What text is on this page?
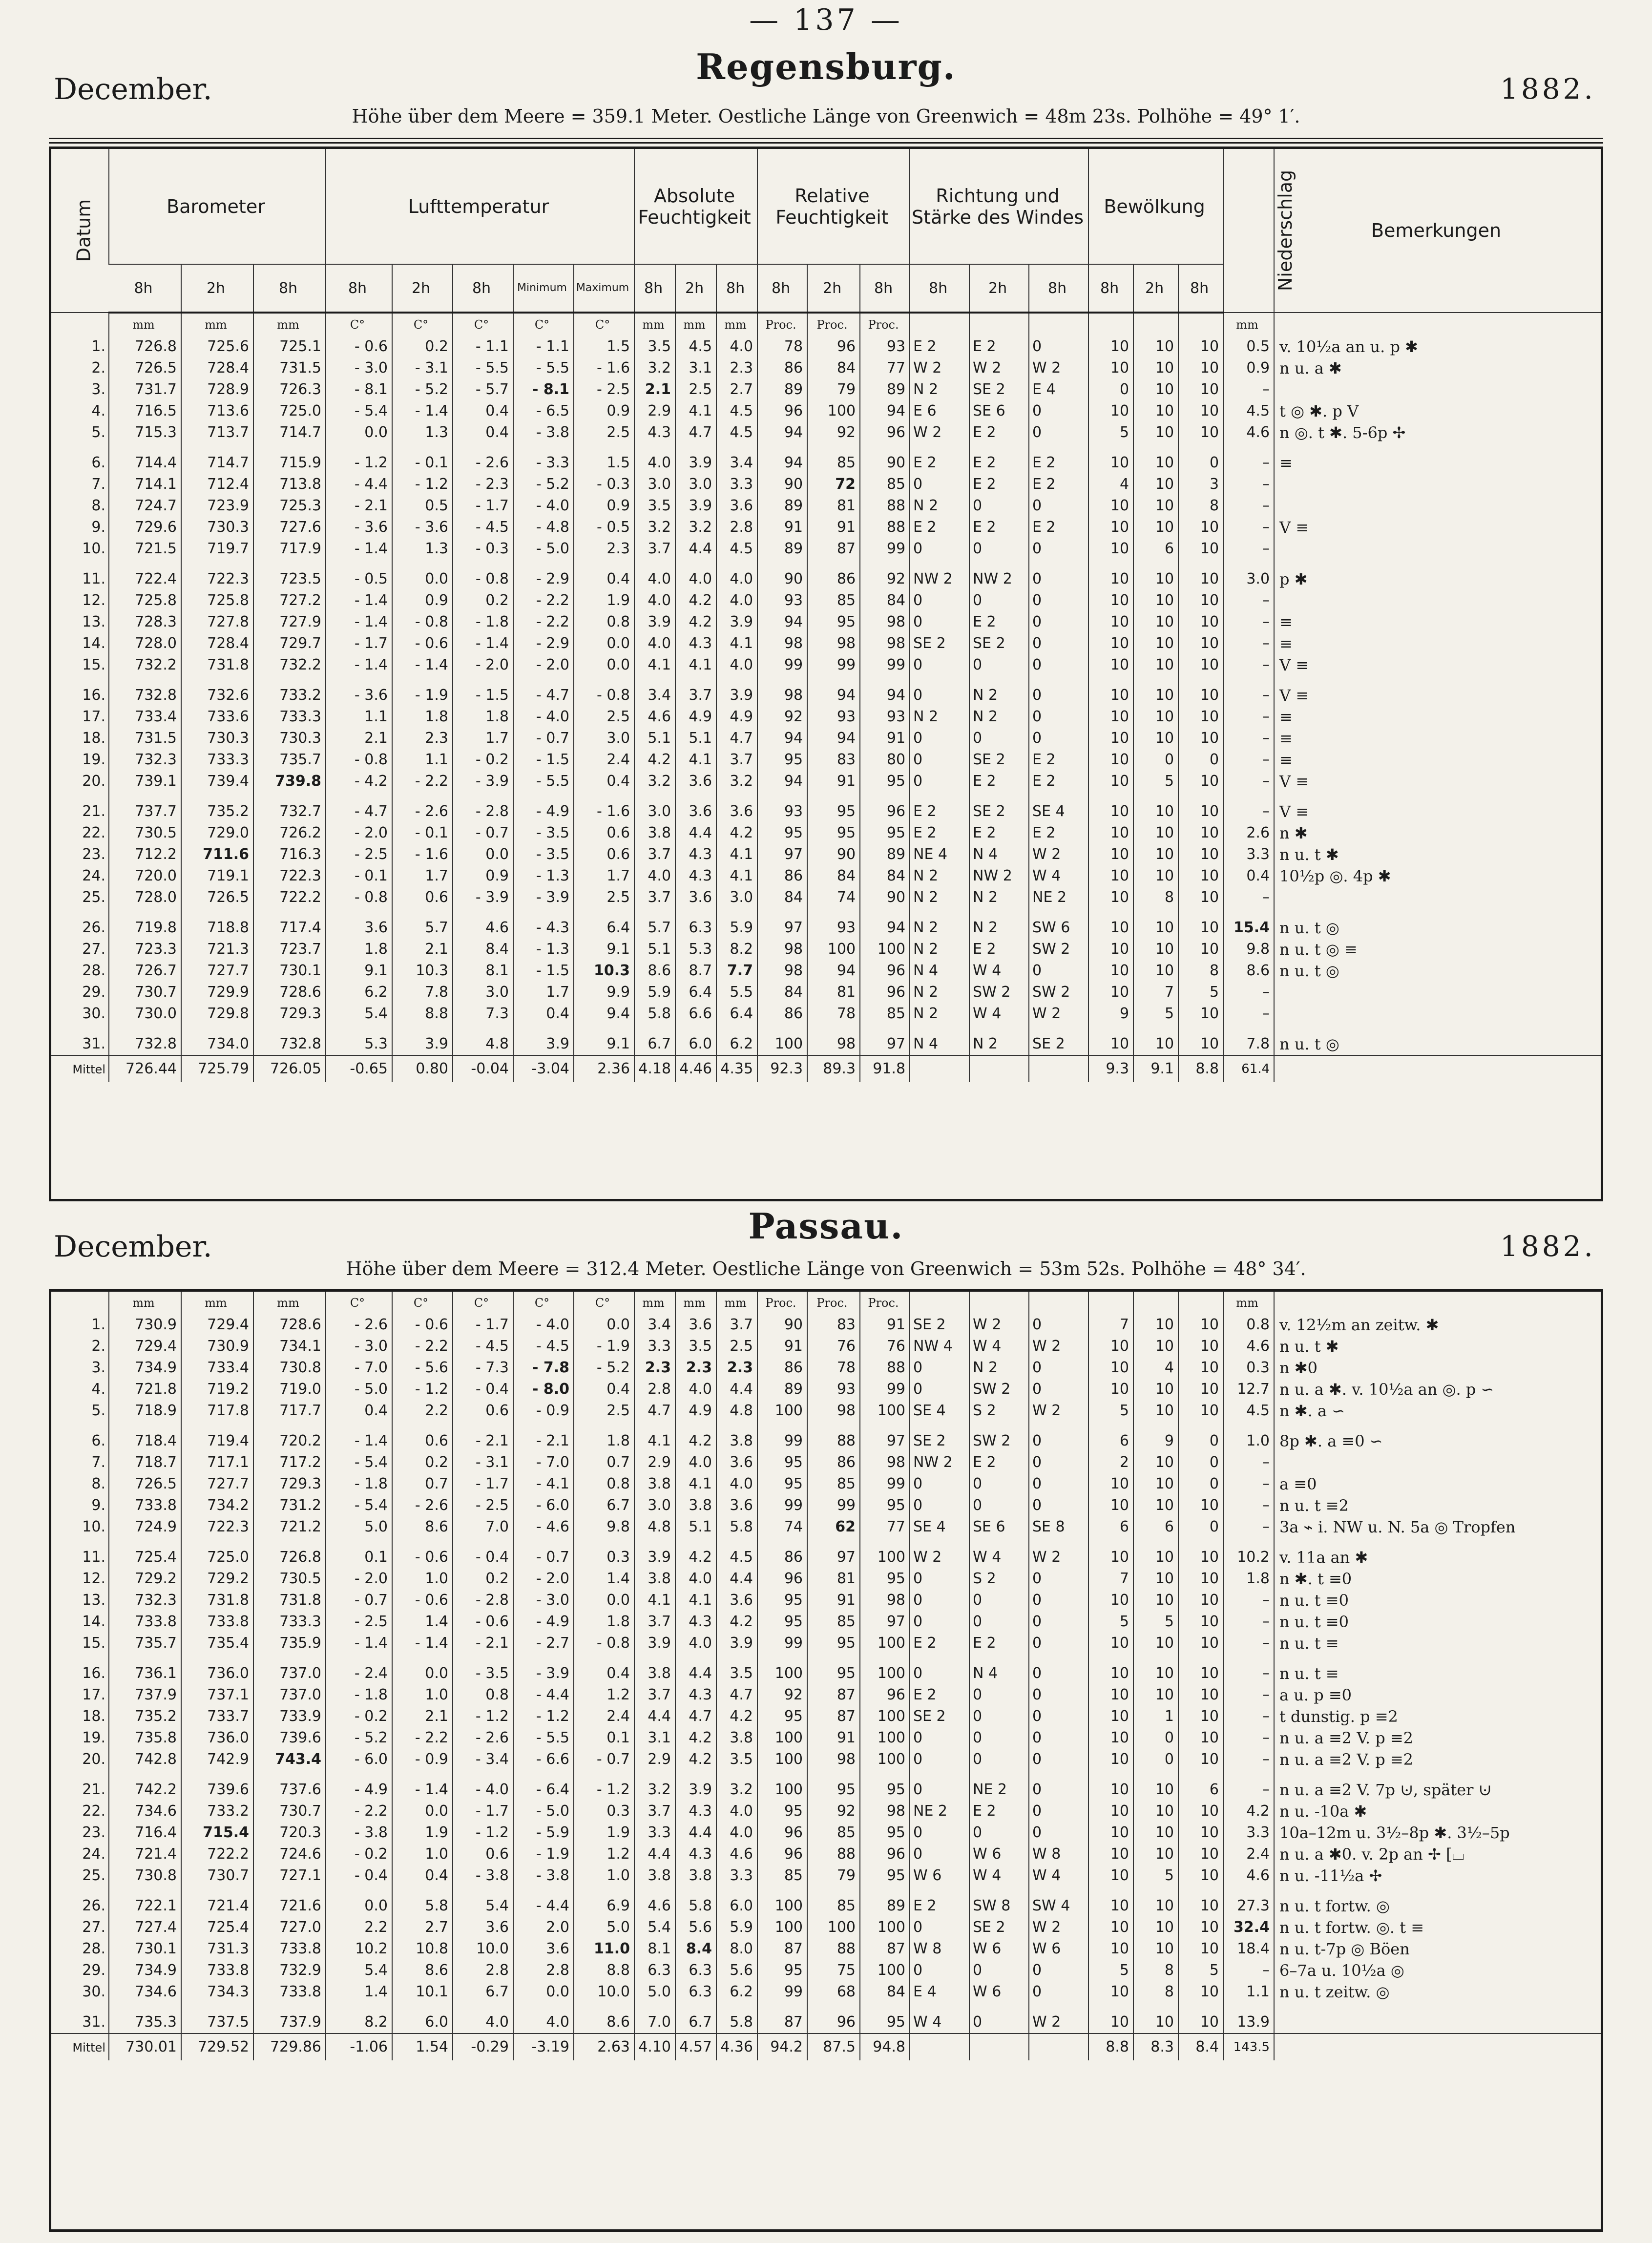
— 137 —
December.
Regensburg.
1882.
Höhe über dem Meere = 359.1 Meter. Oestliche Länge von Greenwich = 48m 23s. Polhöhe = 49° 1′.
Datum	Barometer			Lufttemperatur					Absolute Feuchtigkeit			Relative Feuchtigkeit			Richtung und Stärke des Windes			Bewölkung			Niederschlag	Bemerkungen
	8h	2h	8h	8h	2h	8h	Minimum	Maximum	8h	2h	8h	8h	2h	8h	8h	2h	8h	8h	2h	8h		
	mm	mm	mm	C°	C°	C°	C°	C°	mm	mm	mm	Proc.	Proc.	Proc.							mm	
1.	726.8	725.6	725.1	- 0.6	0.2	- 1.1	- 1.1	1.5	3.5	4.5	4.0	78	96	93	E 2	E 2	0	10	10	10	0.5	v. 10½a an u. p ✱
2.	726.5	728.4	731.5	- 3.0	- 3.1	- 5.5	- 5.5	- 1.6	3.2	3.1	2.3	86	84	77	W 2	W 2	W 2	10	10	10	0.9	n u. a ✱
3.	731.7	728.9	726.3	- 8.1	- 5.2	- 5.7	- 8.1	- 2.5	2.1	2.5	2.7	89	79	89	N 2	SE 2	E 4	0	10	10	–	
4.	716.5	713.6	725.0	- 5.4	- 1.4	0.4	- 6.5	0.9	2.9	4.1	4.5	96	100	94	E 6	SE 6	0	10	10	10	4.5	t ◎ ✱. p V
5.	715.3	713.7	714.7	0.0	1.3	0.4	- 3.8	2.5	4.3	4.7	4.5	94	92	96	W 2	E 2	0	5	10	10	4.6	n ◎. t ✱. 5-6p ✢
6.	714.4	714.7	715.9	- 1.2	- 0.1	- 2.6	- 3.3	1.5	4.0	3.9	3.4	94	85	90	E 2	E 2	E 2	10	10	0	–	≡
7.	714.1	712.4	713.8	- 4.4	- 1.2	- 2.3	- 5.2	- 0.3	3.0	3.0	3.3	90	72	85	0	E 2	E 2	4	10	3	–	
8.	724.7	723.9	725.3	- 2.1	0.5	- 1.7	- 4.0	0.9	3.5	3.9	3.6	89	81	88	N 2	0	0	10	10	8	–	
9.	729.6	730.3	727.6	- 3.6	- 3.6	- 4.5	- 4.8	- 0.5	3.2	3.2	2.8	91	91	88	E 2	E 2	E 2	10	10	10	–	V ≡
10.	721.5	719.7	717.9	- 1.4	1.3	- 0.3	- 5.0	2.3	3.7	4.4	4.5	89	87	99	0	0	0	10	6	10	–	
11.	722.4	722.3	723.5	- 0.5	0.0	- 0.8	- 2.9	0.4	4.0	4.0	4.0	90	86	92	NW 2	NW 2	0	10	10	10	3.0	p ✱
12.	725.8	725.8	727.2	- 1.4	0.9	0.2	- 2.2	1.9	4.0	4.2	4.0	93	85	84	0	0	0	10	10	10	–	
13.	728.3	727.8	727.9	- 1.4	- 0.8	- 1.8	- 2.2	0.8	3.9	4.2	3.9	94	95	98	0	E 2	0	10	10	10	–	≡
14.	728.0	728.4	729.7	- 1.7	- 0.6	- 1.4	- 2.9	0.0	4.0	4.3	4.1	98	98	98	SE 2	SE 2	0	10	10	10	–	≡
15.	732.2	731.8	732.2	- 1.4	- 1.4	- 2.0	- 2.0	0.0	4.1	4.1	4.0	99	99	99	0	0	0	10	10	10	–	V ≡
16.	732.8	732.6	733.2	- 3.6	- 1.9	- 1.5	- 4.7	- 0.8	3.4	3.7	3.9	98	94	94	0	N 2	0	10	10	10	–	V ≡
17.	733.4	733.6	733.3	1.1	1.8	1.8	- 4.0	2.5	4.6	4.9	4.9	92	93	93	N 2	N 2	0	10	10	10	–	≡
18.	731.5	730.3	730.3	2.1	2.3	1.7	- 0.7	3.0	5.1	5.1	4.7	94	94	91	0	0	0	10	10	10	–	≡
19.	732.3	733.3	735.7	- 0.8	1.1	- 0.2	- 1.5	2.4	4.2	4.1	3.7	95	83	80	0	SE 2	E 2	10	0	0	–	≡
20.	739.1	739.4	739.8	- 4.2	- 2.2	- 3.9	- 5.5	0.4	3.2	3.6	3.2	94	91	95	0	E 2	E 2	10	5	10	–	V ≡
21.	737.7	735.2	732.7	- 4.7	- 2.6	- 2.8	- 4.9	- 1.6	3.0	3.6	3.6	93	95	96	E 2	SE 2	SE 4	10	10	10	–	V ≡
22.	730.5	729.0	726.2	- 2.0	- 0.1	- 0.7	- 3.5	0.6	3.8	4.4	4.2	95	95	95	E 2	E 2	E 2	10	10	10	2.6	n ✱
23.	712.2	711.6	716.3	- 2.5	- 1.6	0.0	- 3.5	0.6	3.7	4.3	4.1	97	90	89	NE 4	N 4	W 2	10	10	10	3.3	n u. t ✱
24.	720.0	719.1	722.3	- 0.1	1.7	0.9	- 1.3	1.7	4.0	4.3	4.1	86	84	84	N 2	NW 2	W 4	10	10	10	0.4	10½p ◎. 4p ✱
25.	728.0	726.5	722.2	- 0.8	0.6	- 3.9	- 3.9	2.5	3.7	3.6	3.0	84	74	90	N 2	N 2	NE 2	10	8	10	–	
26.	719.8	718.8	717.4	3.6	5.7	4.6	- 4.3	6.4	5.7	6.3	5.9	97	93	94	N 2	N 2	SW 6	10	10	10	15.4	n u. t ◎
27.	723.3	721.3	723.7	1.8	2.1	8.4	- 1.3	9.1	5.1	5.3	8.2	98	100	100	N 2	E 2	SW 2	10	10	10	9.8	n u. t ◎ ≡
28.	726.7	727.7	730.1	9.1	10.3	8.1	- 1.5	10.3	8.6	8.7	7.7	98	94	96	N 4	W 4	0	10	10	8	8.6	n u. t ◎
29.	730.7	729.9	728.6	6.2	7.8	3.0	1.7	9.9	5.9	6.4	5.5	84	81	96	N 2	SW 2	SW 2	10	7	5	–	
30.	730.0	729.8	729.3	5.4	8.8	7.3	0.4	9.4	5.8	6.6	6.4	86	78	85	N 2	W 4	W 2	9	5	10	–	
31.	732.8	734.0	732.8	5.3	3.9	4.8	3.9	9.1	6.7	6.0	6.2	100	98	97	N 4	N 2	SE 2	10	10	10	7.8	n u. t ◎
Mittel	726.44	725.79	726.05	-0.65	0.80	-0.04	-3.04	2.36	4.18	4.46	4.35	92.3	89.3	91.8				9.3	9.1	8.8	61.4	
December.	Passau.	1882.
Höhe über dem Meere = 312.4 Meter. Oestliche Länge von Greenwich = 53m 52s. Polhöhe = 48° 34′.
	mm	mm	mm	C°	C°	C°	C°	C°	mm	mm	mm	Proc.	Proc.	Proc.							mm	
1.	730.9	729.4	728.6	- 2.6	- 0.6	- 1.7	- 4.0	0.0	3.4	3.6	3.7	90	83	91	SE 2	W 2	0	7	10	10	0.8	v. 12½m an zeitw. ✱
2.	729.4	730.9	734.1	- 3.0	- 2.2	- 4.5	- 4.5	- 1.9	3.3	3.5	2.5	91	76	76	NW 4	W 4	W 2	10	10	10	4.6	n u. t ✱
3.	734.9	733.4	730.8	- 7.0	- 5.6	- 7.3	- 7.8	- 5.2	2.3	2.3	2.3	86	78	88	0	N 2	0	10	4	10	0.3	n ✱0
4.	721.8	719.2	719.0	- 5.0	- 1.2	- 0.4	- 8.0	0.4	2.8	4.0	4.4	89	93	99	0	SW 2	0	10	10	10	12.7	n u. a ✱. v. 10½a an ◎. p ∽
5.	718.9	717.8	717.7	0.4	2.2	0.6	- 0.9	2.5	4.7	4.9	4.8	100	98	100	SE 4	S 2	W 2	5	10	10	4.5	n ✱. a ∽
6.	718.4	719.4	720.2	- 1.4	0.6	- 2.1	- 2.1	1.8	4.1	4.2	3.8	99	88	97	SE 2	SW 2	0	6	9	0	1.0	8p ✱. a ≡0 ∽
7.	718.7	717.1	717.2	- 5.4	0.2	- 3.1	- 7.0	0.7	2.9	4.0	3.6	95	86	98	NW 2	E 2	0	2	10	0	–	
8.	726.5	727.7	729.3	- 1.8	0.7	- 1.7	- 4.1	0.8	3.8	4.1	4.0	95	85	99	0	0	0	10	10	0	–	a ≡0
9.	733.8	734.2	731.2	- 5.4	- 2.6	- 2.5	- 6.0	6.7	3.0	3.8	3.6	99	99	95	0	0	0	10	10	10	–	n u. t ≡2
10.	724.9	722.3	721.2	5.0	8.6	7.0	- 4.6	9.8	4.8	5.1	5.8	74	62	77	SE 4	SE 6	SE 8	6	6	0	–	3a ⌁ i. NW u. N. 5a ◎ Tropfen
11.	725.4	725.0	726.8	0.1	- 0.6	- 0.4	- 0.7	0.3	3.9	4.2	4.5	86	97	100	W 2	W 4	W 2	10	10	10	10.2	v. 11a an ✱
12.	729.2	729.2	730.5	- 2.0	1.0	0.2	- 2.0	1.4	3.8	4.0	4.4	96	81	95	0	S 2	0	7	10	10	1.8	n ✱. t ≡0
13.	732.3	731.8	731.8	- 0.7	- 0.6	- 2.8	- 3.0	0.0	4.1	4.1	3.6	95	91	98	0	0	0	10	10	10	–	n u. t ≡0
14.	733.8	733.8	733.3	- 2.5	1.4	- 0.6	- 4.9	1.8	3.7	4.3	4.2	95	85	97	0	0	0	5	5	10	–	n u. t ≡0
15.	735.7	735.4	735.9	- 1.4	- 1.4	- 2.1	- 2.7	- 0.8	3.9	4.0	3.9	99	95	100	E 2	E 2	0	10	10	10	–	n u. t ≡
16.	736.1	736.0	737.0	- 2.4	0.0	- 3.5	- 3.9	0.4	3.8	4.4	3.5	100	95	100	0	N 4	0	10	10	10	–	n u. t ≡
17.	737.9	737.1	737.0	- 1.8	1.0	0.8	- 4.4	1.2	3.7	4.3	4.7	92	87	96	E 2	0	0	10	10	10	–	a u. p ≡0
18.	735.2	733.7	733.9	- 0.2	2.1	- 1.2	- 1.2	2.4	4.4	4.7	4.2	95	87	100	SE 2	0	0	10	1	10	–	t dunstig. p ≡2
19.	735.8	736.0	739.6	- 5.2	- 2.2	- 2.6	- 5.5	0.1	3.1	4.2	3.8	100	91	100	0	0	0	10	0	10	–	n u. a ≡2 V. p ≡2
20.	742.8	742.9	743.4	- 6.0	- 0.9	- 3.4	- 6.6	- 0.7	2.9	4.2	3.5	100	98	100	0	0	0	10	0	10	–	n u. a ≡2 V. p ≡2
21.	742.2	739.6	737.6	- 4.9	- 1.4	- 4.0	- 6.4	- 1.2	3.2	3.9	3.2	100	95	95	0	NE 2	0	10	10	6	–	n u. a ≡2 V. 7p ⊍, später ⊍
22.	734.6	733.2	730.7	- 2.2	0.0	- 1.7	- 5.0	0.3	3.7	4.3	4.0	95	92	98	NE 2	E 2	0	10	10	10	4.2	n u. -10a ✱
23.	716.4	715.4	720.3	- 3.8	1.9	- 1.2	- 5.9	1.9	3.3	4.4	4.0	96	85	95	0	0	0	10	10	10	3.3	10a–12m u. 3½–8p ✱. 3½–5p
24.	721.4	722.2	724.6	- 0.2	1.0	0.6	- 1.9	1.2	4.4	4.3	4.6	96	88	96	0	W 6	W 8	10	10	10	2.4	n u. a ✱0. v. 2p an ✢ [⌴
25.	730.8	730.7	727.1	- 0.4	0.4	- 3.8	- 3.8	1.0	3.8	3.8	3.3	85	79	95	W 6	W 4	W 4	10	5	10	4.6	n u. -11½a ✢
26.	722.1	721.4	721.6	0.0	5.8	5.4	- 4.4	6.9	4.6	5.8	6.0	100	85	89	E 2	SW 8	SW 4	10	10	10	27.3	n u. t fortw. ◎
27.	727.4	725.4	727.0	2.2	2.7	3.6	2.0	5.0	5.4	5.6	5.9	100	100	100	0	SE 2	W 2	10	10	10	32.4	n u. t fortw. ◎. t ≡
28.	730.1	731.3	733.8	10.2	10.8	10.0	3.6	11.0	8.1	8.4	8.0	87	88	87	W 8	W 6	W 6	10	10	10	18.4	n u. t-7p ◎ Böen
29.	734.9	733.8	732.9	5.4	8.6	2.8	2.8	8.8	6.3	6.3	5.6	95	75	100	0	0	0	5	8	5	–	6–7a u. 10½a ◎
30.	734.6	734.3	733.8	1.4	10.1	6.7	0.0	10.0	5.0	6.3	6.2	99	68	84	E 4	W 6	0	10	8	10	1.1	n u. t zeitw. ◎
31.	735.3	737.5	737.9	8.2	6.0	4.0	4.0	8.6	7.0	6.7	5.8	87	96	95	W 4	0	W 2	10	10	10	13.9	
Mittel	730.01	729.52	729.86	-1.06	1.54	-0.29	-3.19	2.63	4.10	4.57	4.36	94.2	87.5	94.8				8.8	8.3	8.4	143.5	
